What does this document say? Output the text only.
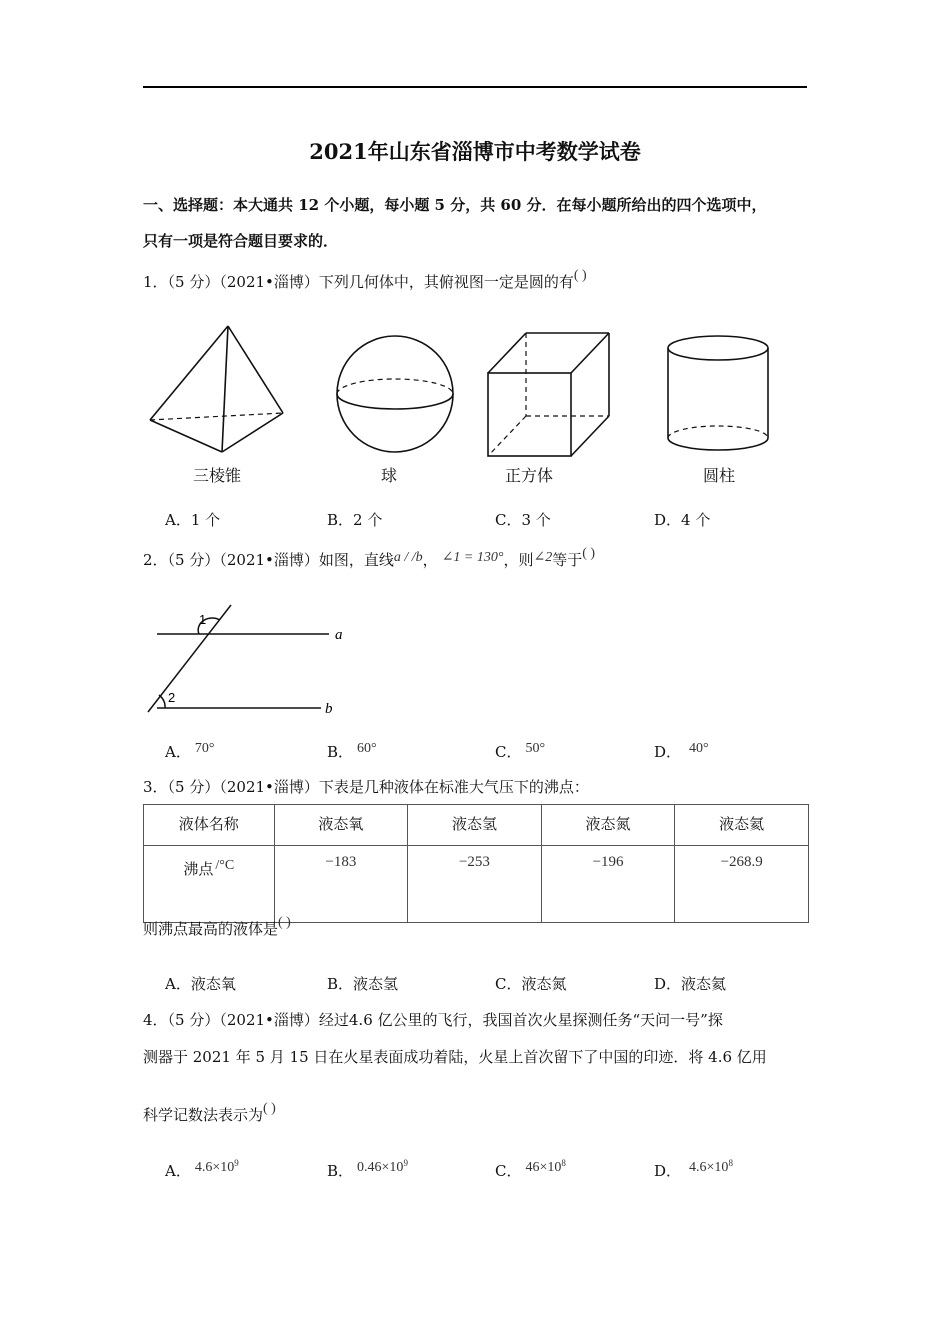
2021年山东省淄博市中考数学试卷
一、选择题：本大通共 12 个小题，每小题 5 分，共 60 分．在每小题所给出的四个选项中，
只有一项是符合题目要求的．
1．（5 分）（2021•淄博）下列几何体中，其俯视图一定是圆的有( )
三棱锥	球	正方体	圆柱
A．1 个	B．2 个	C．3 个	D．4 个
2．（5 分）（2021•淄博）如图，直线a / /b， ∠1 = 130°，则∠2等于( )
1
2
a
b
A． 70°	B． 60°	C． 50°	D． 40°
3．（5 分）（2021•淄博）下表是几种液体在标准大气压下的沸点：
液体名称	液态氧	液态氢	液态氮	液态氦
沸点 /°C	−183	−253	−196	−268.9
则沸点最高的液体是( )
A．液态氧	B．液态氢	C．液态氮	D．液态氦
4．（5 分）（2021•淄博）经过4.6 亿公里的飞行，我国首次火星探测任务“天问一号”探
测器于 2021 年 5 月 15 日在火星表面成功着陆，火星上首次留下了中国的印迹．将 4.6 亿用
科学记数法表示为( )
A． $4.6\times 10^9$	B． $0.46\times 10^9$	C． $46\times 10^8$	D． $4.6\times 10^8$
